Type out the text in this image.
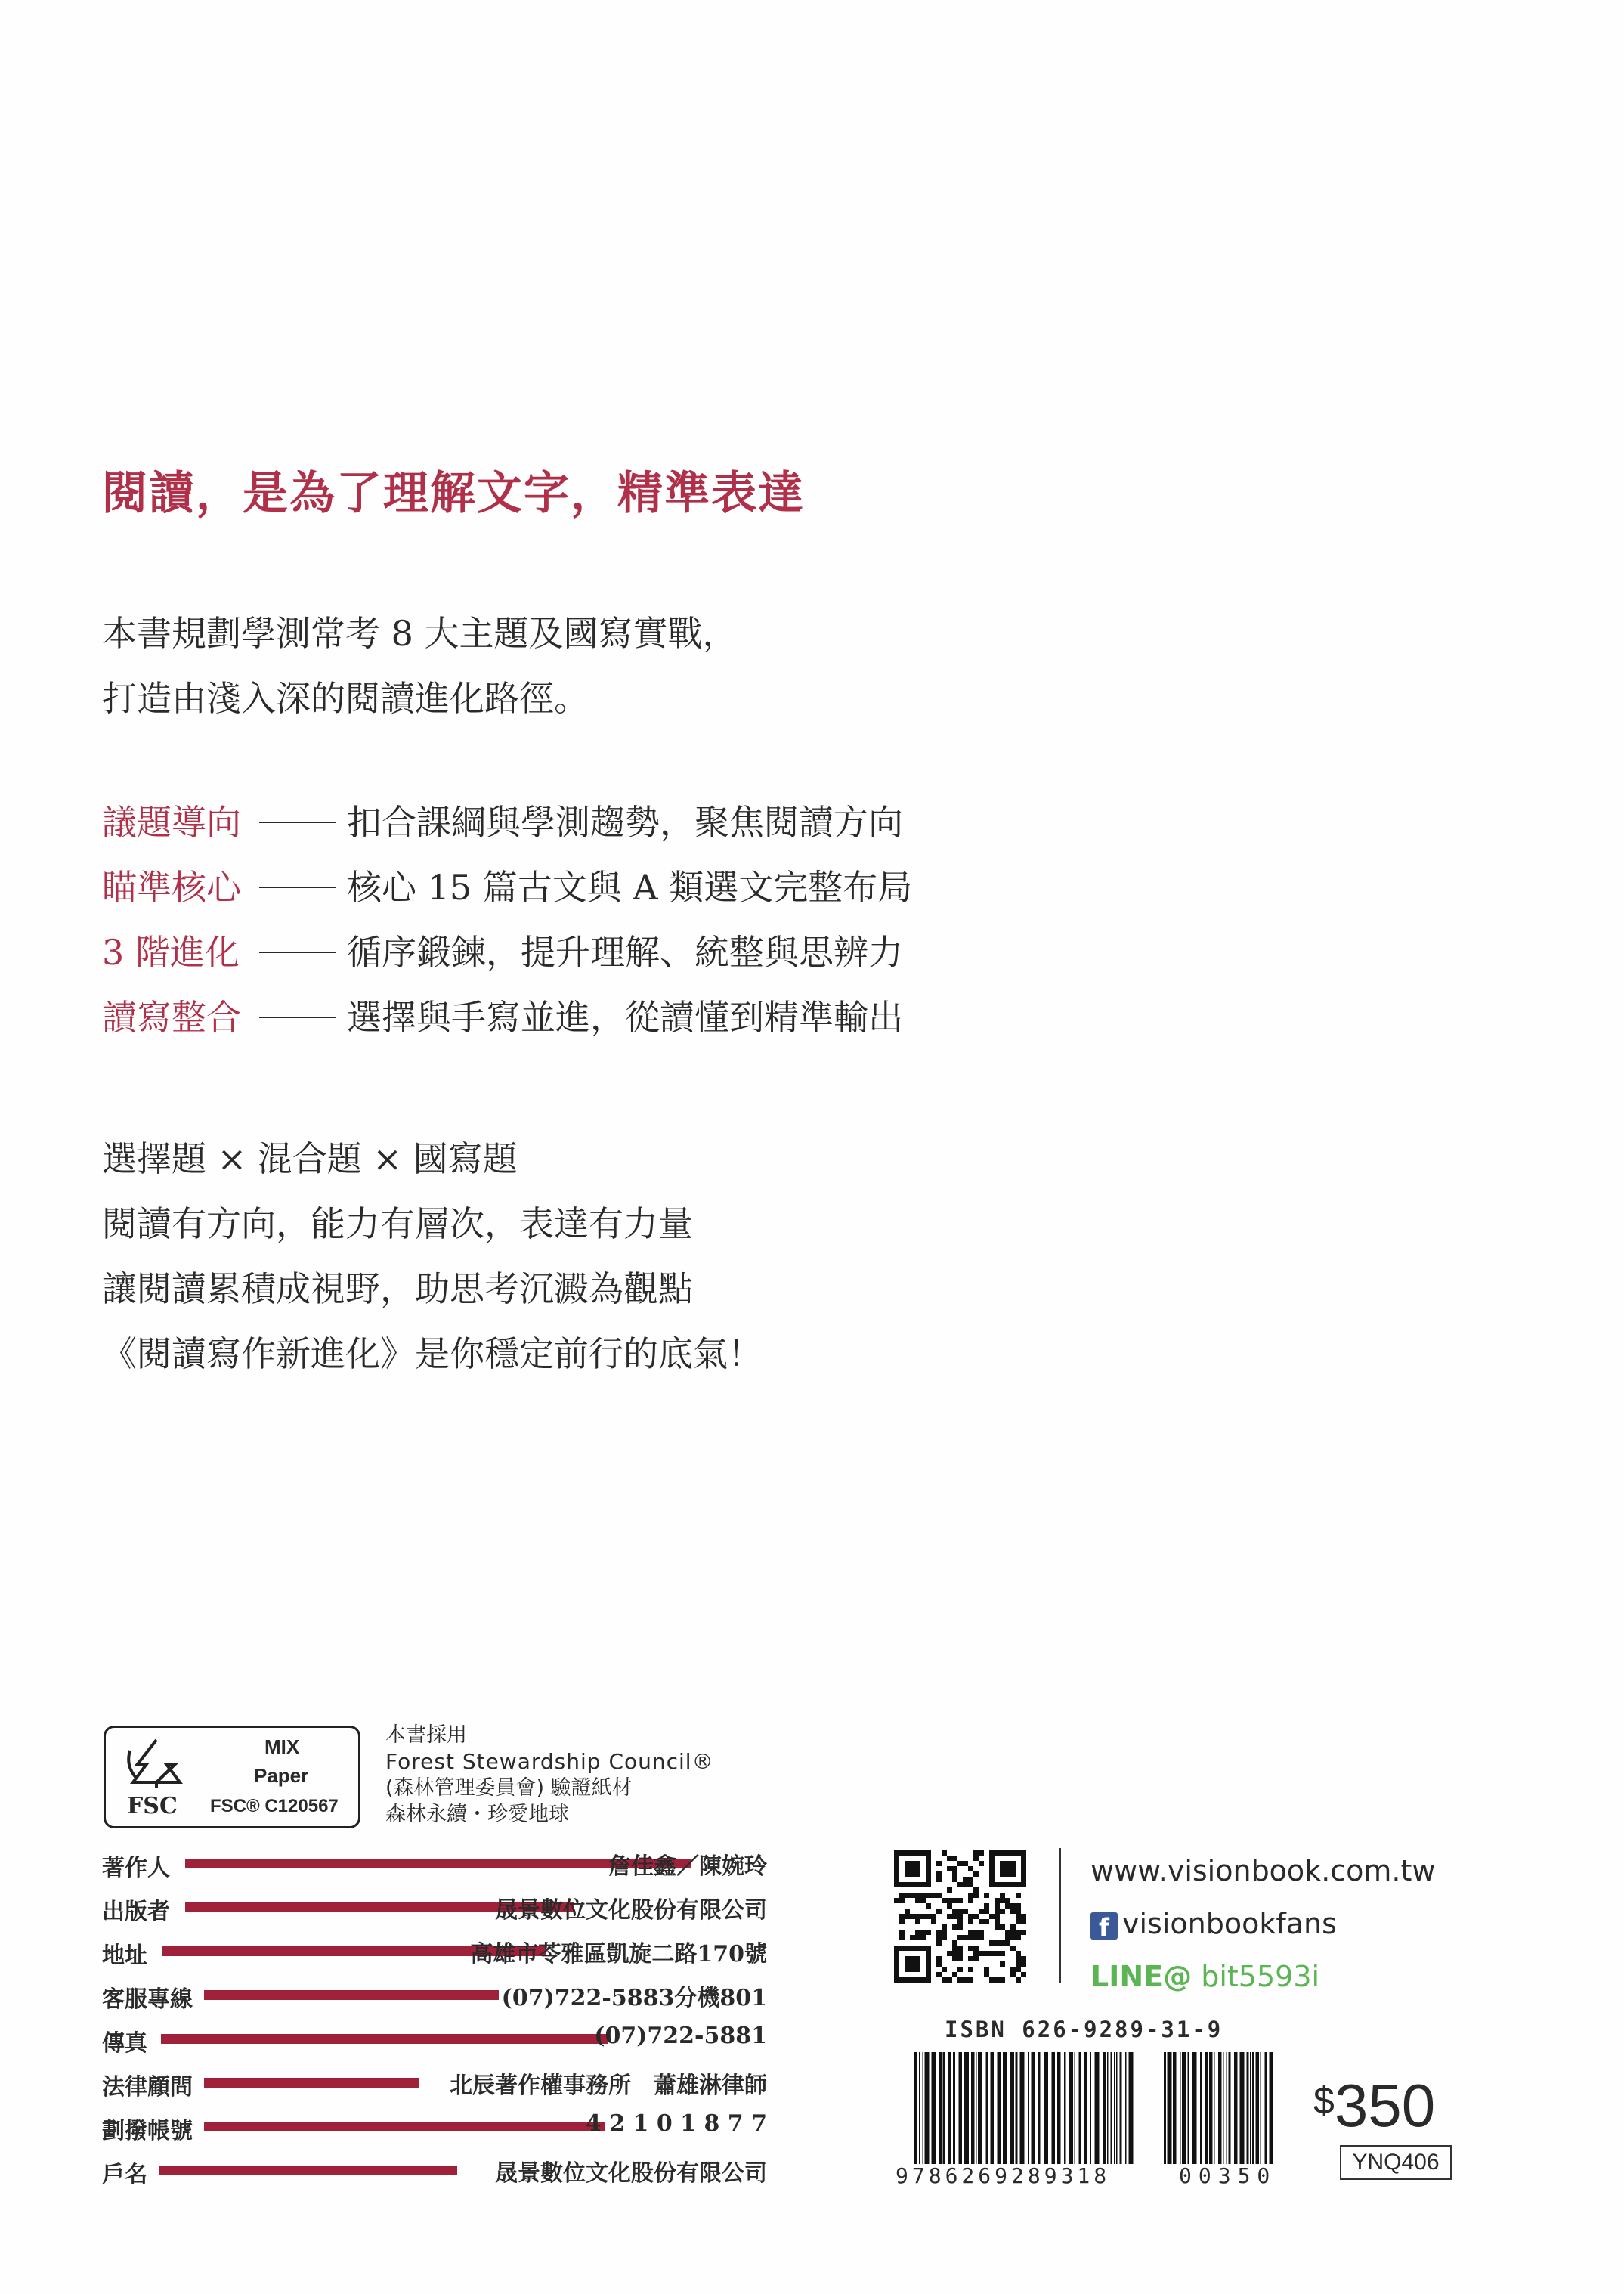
閱讀，是為了理解文字，精準表達
本書規劃學測常考 8 大主題及國寫實戰，
打造由淺入深的閱讀進化路徑。
議題導向	扣合課綱與學測趨勢，聚焦閱讀方向
瞄準核心	核心 15 篇古文與 A 類選文完整布局
3 階進化	循序鍛鍊，提升理解、統整與思辨力
讀寫整合	選擇與手寫並進，從讀懂到精準輸出
選擇題 × 混合題 × 國寫題
閱讀有方向，能力有層次，表達有力量
讓閱讀累積成視野，助思考沉澱為觀點
《閱讀寫作新進化》是你穩定前行的底氣！
FSC
MIX
Paper
FSC® C120567
本書採用
Forest Stewardship Council®
(森林管理委員會) 驗證紙材
森林永續・珍愛地球
著作人	詹佳鑫／陳婉玲
出版者	晟景數位文化股份有限公司
地址	高雄市苓雅區凱旋二路170號
客服專線	(07)722-5883分機801
傳真	(07)722-5881
法律顧問	北辰著作權事務所　蕭雄淋律師
劃撥帳號	4 2 1 0 1 8 7 7
戶名	晟景數位文化股份有限公司
www.visionbook.com.tw
f visionbookfans
LINE@ bit5593i
ISBN 626-9289-31-9
9786269289318	00350
$350
YNQ406
